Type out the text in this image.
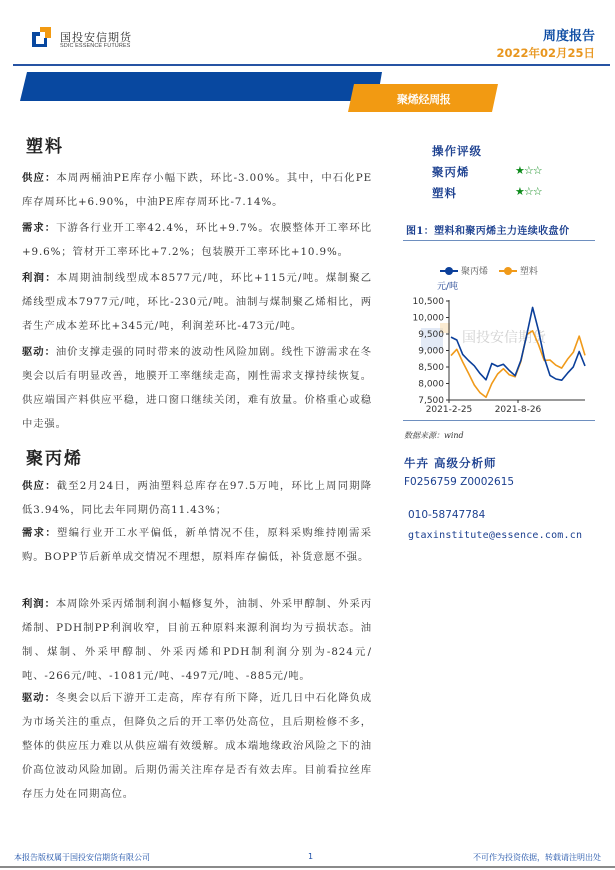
国投安信期货
SDIC ESSENCE FUTURES
周度报告
2022年02月25日
聚烯烃周报
塑料
供应：本周两桶油PE库存小幅下跌，环比-3.00%。其中，中石化PE库存周环比+6.90%，中油PE库存周环比-7.14%。
需求：下游各行业开工率42.4%，环比+9.7%。农膜整体开工率环比+9.6%；管材开工率环比+7.2%；包装膜开工率环比+10.9%。
利润：本周期油制线型成本8577元/吨，环比+115元/吨。煤制聚乙烯线型成本7977元/吨，环比-230元/吨。油制与煤制聚乙烯相比，两者生产成本差环比+345元/吨，利润差环比-473元/吨。
驱动：油价支撑走强的同时带来的波动性风险加剧。线性下游需求在冬奥会以后有明显改善，地膜开工率继续走高，刚性需求支撑持续恢复。供应端国产料供应平稳，进口窗口继续关闭，难有放量。价格重心或稳中走强。
聚丙烯
供应：截至2月24日，两油塑料总库存在97.5万吨，环比上周同期降低3.94%，同比去年同期仍高11.43%；
需求：塑编行业开工水平偏低，新单情况不佳，原料采购维持刚需采购。BOPP节后新单成交情况不理想，原料库存偏低，补货意愿不强。
利润：本周除外采丙烯制利润小幅修复外，油制、外采甲醇制、外采丙烯制、PDH制PP利润收窄，目前五种原料来源利润均为亏损状态。油制、煤制、外采甲醇制、外采丙烯和PDH制利润分别为-824元/吨、-266元/吨、-1081元/吨、-497元/吨、-885元/吨。
驱动：冬奥会以后下游开工走高，库存有所下降，近几日中石化降负成为市场关注的重点，但降负之后的开工率仍处高位，且后期检修不多，整体的供应压力难以从供应端有效缓解。成本端地缘政治风险之下的油价高位波动风险加剧。后期仍需关注库存是否有效去库。目前看拉丝库存压力处在同期高位。
操作评级
聚丙烯	★☆☆
塑料	★☆☆
图1：塑料和聚丙烯主力连续收盘价
聚丙烯
	塑料
元/吨
国投安信期货
7,500
8,000
8,500
9,000
9,500
10,000
10,500
2021-2-25 2021-8-26
数据来源：wind
牛卉 高级分析师
F0256759 Z0002615
010-58747784
gtaxinstitute@essence.com.cn
本报告版权属于国投安信期货有限公司	1	不可作为投资依据，转载请注明出处
